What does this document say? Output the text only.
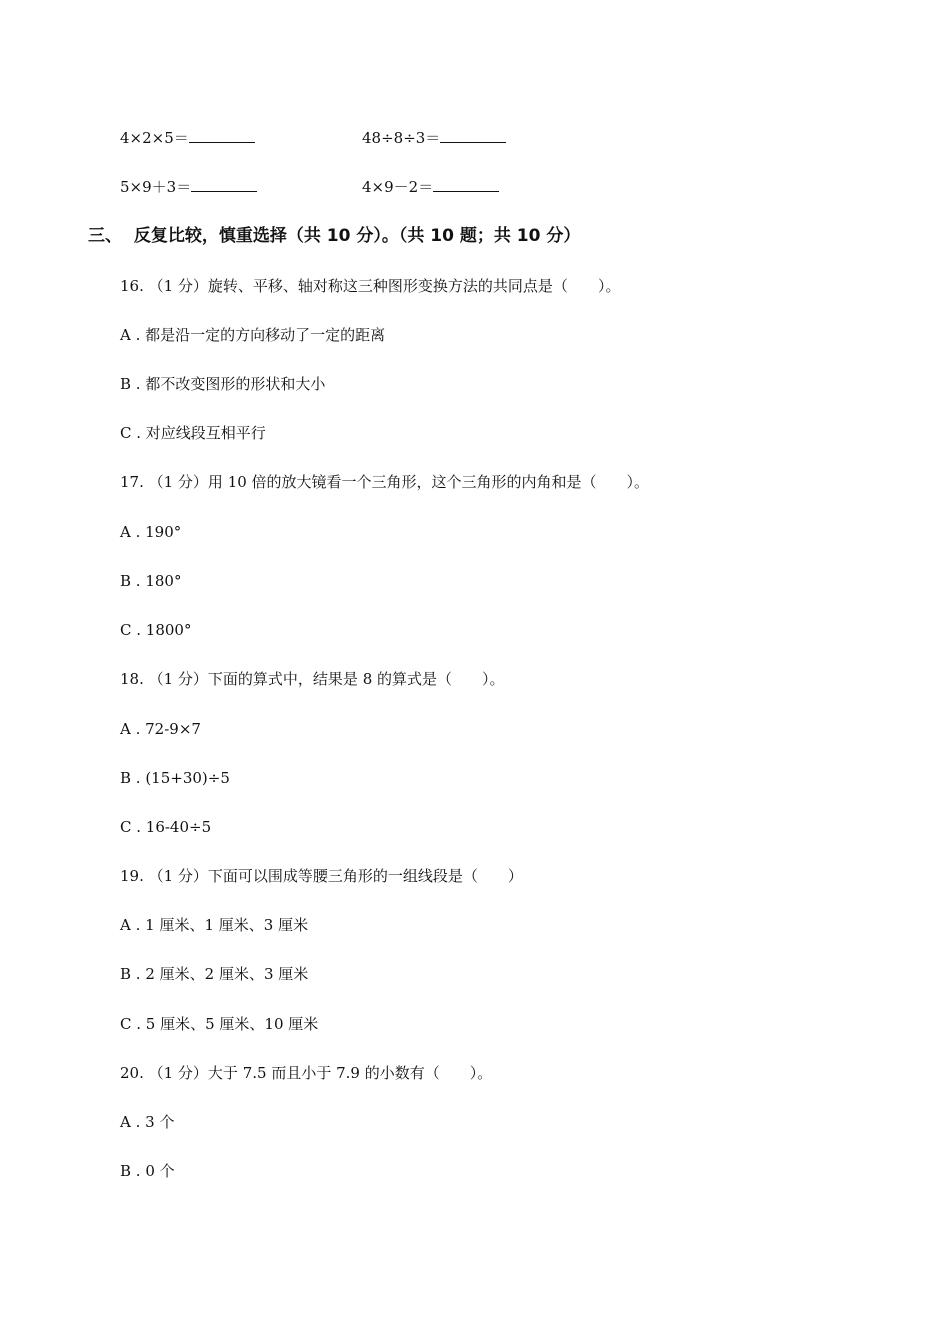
4×2×5＝	48÷8÷3＝
5×9＋3＝	4×9－2＝
三、 反复比较，慎重选择（共 10 分）。（共 10 题；共 10 分）
16. （1 分）旋转、平移、轴对称这三种图形变换方法的共同点是（　　）。
A . 都是沿一定的方向移动了一定的距离
B . 都不改变图形的形状和大小
C . 对应线段互相平行
17. （1 分）用 10 倍的放大镜看一个三角形，这个三角形的内角和是（　　）。
A . 190°
B . 180°
C . 1800°
18. （1 分）下面的算式中，结果是 8 的算式是（　　）。
A . 72-9×7
B . (15+30)÷5
C . 16-40÷5
19. （1 分）下面可以围成等腰三角形的一组线段是（　　）
A . 1 厘米、1 厘米、3 厘米
B . 2 厘米、2 厘米、3 厘米
C . 5 厘米、5 厘米、10 厘米
20. （1 分）大于 7.5 而且小于 7.9 的小数有（　　）。
A . 3 个
B . 0 个
